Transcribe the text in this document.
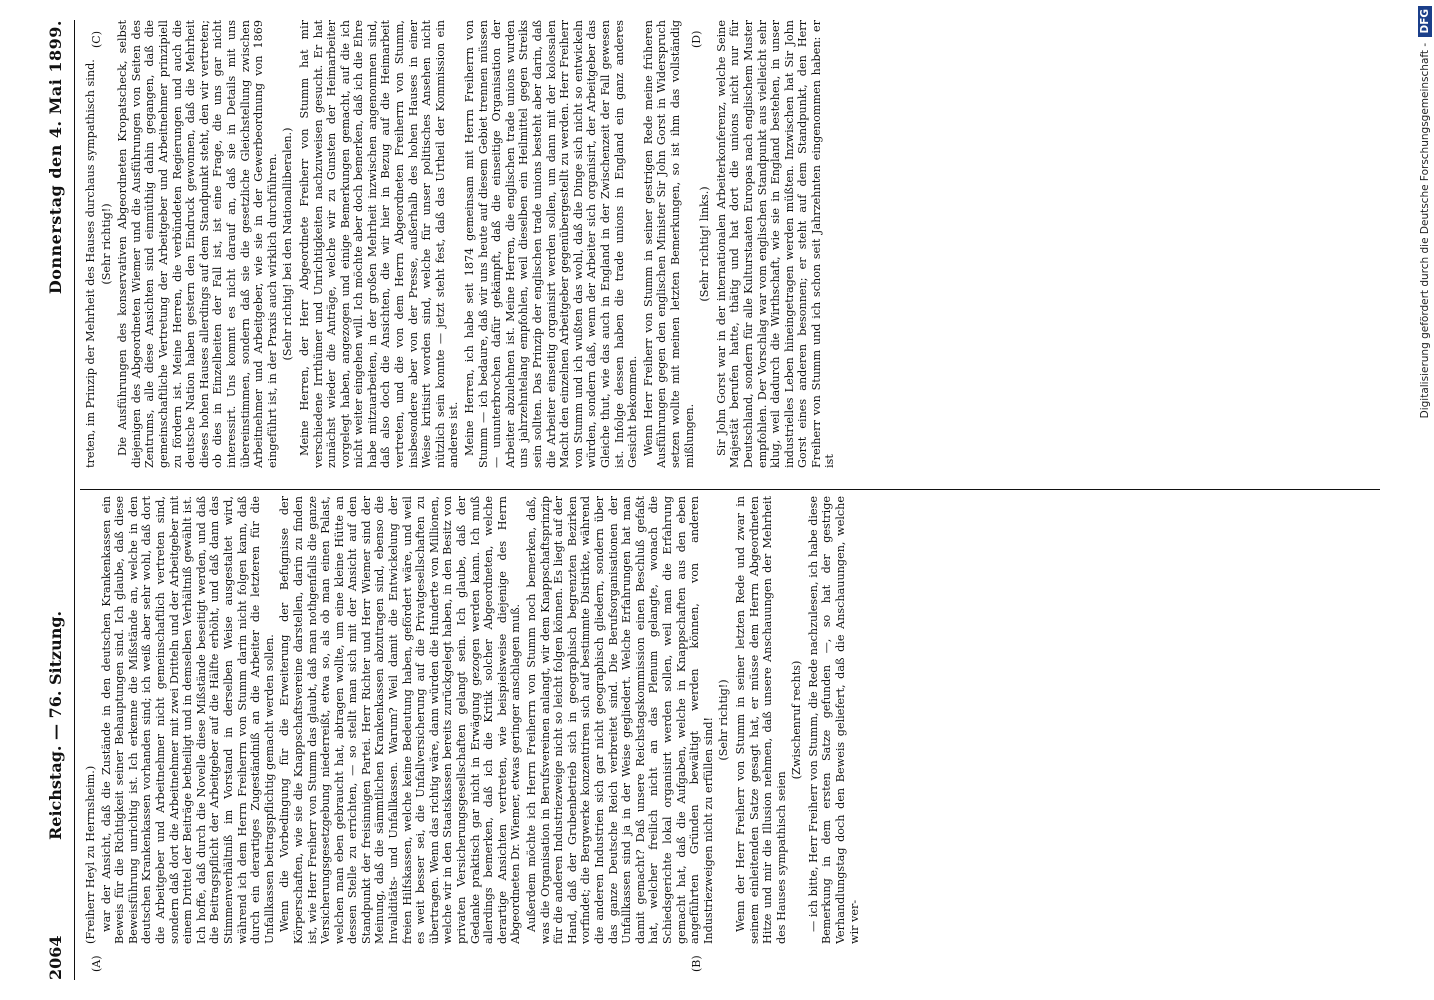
2064
Reichstag. — 76. Sitzung.
Donnerstag den 4. Mai 1899.
(A)	(B)
(C)	(D)

(Freiherr Heyl zu Herrnsheim.) war der Ansicht, daß die Zustände in den deutschen Krankenkassen ein Beweis für die Richtigkeit seiner Behauptungen sind. Ich glaube, daß diese Beweisführung unrichtig ist. Ich erkenne die Mißstände an, welche in den deutschen Krankenkassen vorhanden sind; ich weiß aber sehr wohl, daß dort die Arbeitgeber und Arbeitnehmer nicht gemeinschaftlich vertreten sind, sondern daß dort die Arbeitnehmer mit zwei Dritteln und der Arbeitgeber mit einem Drittel der Beiträge betheiligt und in demselben Verhältniß gewählt ist. Ich hoffe, daß durch die Novelle diese Mißstände beseitigt werden, und daß die Beitragspflicht der Arbeitgeber auf die Hälfte erhöht, und daß dann das Stimmenverhältniß im Vorstand in derselben Weise ausgestaltet wird, während ich dem Herrn Freiherrn von Stumm darin nicht folgen kann, daß durch ein derartiges Zugeständniß an die Arbeiter die letzteren für die Unfallkassen beitragspflichtig gemacht werden sollen. Wenn die Vorbedingung für die Erweiterung der Befugnisse der Körperschaften, wie sie die Knappschaftsvereine darstellen, darin zu finden ist, wie Herr Freiherr von Stumm das glaubt, daß man nothgenfalls die ganze Versicherungsgesetzgebung niederreißt, etwa so, als ob man einen Palast, welchen man eben gebraucht hat, abtragen wollte, um eine kleine Hütte an dessen Stelle zu errichten, — so stellt man sich mit der Ansicht auf den Standpunkt der freisinnigen Partei. Herr Richter und Herr Wiemer sind der Meinung, daß die sämmtlichen Krankenkassen abzutragen sind, ebenso die Invaliditäts- und Unfallkassen. Warum? Weil damit die Entwickelung der freien Hilfskassen, welche keine Bedeutung haben, gefördert wäre, und weil es weit besser sei, die Unfallversicherung auf die Privatgesellschaften zu übertragen. Wenn das richtig wäre, dann würden die Hunderte von Millionen, welche wir in den Staatskassen bereits zurückgelegt haben, in den Besitz von privaten Versicherungsgesellschaften gelangt sein. Ich glaube, daß der Gedanke praktisch gar nicht in Erwägung gezogen werden kann. Ich muß allerdings bemerken, daß ich die Kritik solcher Abgeordneten, welche derartige Ansichten vertreten, wie beispielsweise diejenige des Herrn Abgeordneten Dr. Wiemer, etwas geringer anschlagen muß. Außerdem möchte ich Herrn Freiherrn von Stumm noch bemerken, daß, was die Organisation in Berufsvereinen anlangt, wir dem Knappschaftsprinzip für die anderen Industriezweige nicht so leicht folgen können. Es liegt auf der Hand, daß der Grubenbetrieb sich in geographisch begrenzten Bezirken vorfindet; die Bergwerke konzentriren sich auf bestimmte Distrikte, während die anderen Industrien sich gar nicht geographisch gliedern, sondern über das ganze Deutsche Reich verbreitet sind. Die Berufsorganisationen der Unfallkassen sind ja in der Weise gegliedert. Welche Erfahrungen hat man damit gemacht? Daß unsere Reichstagskommission einen Beschluß gefaßt hat, welcher freilich nicht an das Plenum gelangte, wonach die Schiedsgerichte lokal organisirt werden sollen, weil man die Erfahrung gemacht hat, daß die Aufgaben, welche in Knappschaften aus den eben angeführten Gründen bewältigt werden können, von anderen Industriezweigen nicht zu erfüllen sind! (Sehr richtig!) Wenn der Herr Freiherr von Stumm in seiner letzten Rede und zwar in seinem einleitenden Satze gesagt hat, er müsse dem Herrn Abgeordneten Hitze und mir die Illusion nehmen, daß unsere Anschauungen der Mehrheit des Hauses sympathisch seien

(Zwischenruf rechts) — ich bitte, Herr Freiherr von Stumm, die Rede nachzulesen, ich habe diese Bemerkung in dem ersten Satze gefunden —, so hat der gestrige Verhandlungstag doch den Beweis geliefert, daß die Anschauungen, welche wir ver-

treten, im Prinzip der Mehrheit des Hauses durchaus sympathisch sind. (Sehr richtig!) Die Ausführungen des konservativen Abgeordneten Kropatscheck, selbst diejenigen des Abgeordneten Wiemer und die Ausführungen von Seiten des Zentrums, alle diese Ansichten sind einmüthig dahin gegangen, daß die gemeinschaftliche Vertretung der Arbeitgeber und Arbeitnehmer prinzipiell zu fördern ist. Meine Herren, die verbündeten Regierungen und auch die deutsche Nation haben gestern den Eindruck gewonnen, daß die Mehrheit dieses hohen Hauses allerdings auf dem Standpunkt steht, den wir vertreten; ob dies in Einzelheiten der Fall ist, ist eine Frage, die uns gar nicht interessirt. Uns kommt es nicht darauf an, daß sie in Details mit uns übereinstimmen, sondern daß sie die gesetzliche Gleichstellung zwischen Arbeitnehmer und Arbeitgeber, wie sie in der Gewerbeordnung von 1869 eingeführt ist, in der Praxis auch wirklich durchführen. (Sehr richtig! bei den Nationalliberalen.) Meine Herren, der Herr Abgeordnete Freiherr von Stumm hat mir verschiedene Irrthümer und Unrichtigkeiten nachzuweisen gesucht. Er hat zunächst wieder die Anträge, welche wir zu Gunsten der Heimarbeiter vorgelegt haben, angezogen und einige Bemerkungen gemacht, auf die ich nicht weiter eingehen will. Ich möchte aber doch bemerken, daß ich die Ehre habe mitzuarbeiten, in der großen Mehrheit inzwischen angenommen sind, daß also doch die Ansichten, die wir hier in Bezug auf die Heimarbeit vertreten, und die von dem Herrn Abgeordneten Freiherrn von Stumm, insbesondere aber von der Presse, außerhalb des hohen Hauses in einer Weise kritisirt worden sind, welche für unser politisches Ansehen nicht nützlich sein konnte — jetzt steht fest, daß das Urtheil der Kommission ein anderes ist. Meine Herren, ich habe seit 1874 gemeinsam mit Herrn Freiherrn von Stumm — ich bedaure, daß wir uns heute auf diesem Gebiet trennen müssen — ununterbrochen dafür gekämpft, daß die einseitige Organisation der Arbeiter abzulehnen ist. Meine Herren, die englischen trade unions wurden uns jahrzehntelang empfohlen, weil dieselben ein Heilmittel gegen Streiks sein sollten. Das Prinzip der englischen trade unions besteht aber darin, daß die Arbeiter einseitig organisirt werden sollen, um dann mit der kolossalen Macht den einzelnen Arbeitgeber gegenübergestellt zu werden. Herr Freiherr von Stumm und ich wußten das wohl, daß die Dinge sich nicht so entwickeln würden, sondern daß, wenn der Arbeiter sich organisirt, der Arbeitgeber das Gleiche thut, wie das auch in England in der Zwischenzeit der Fall gewesen ist. Infolge dessen haben die trade unions in England ein ganz anderes Gesicht bekommen. Wenn Herr Freiherr von Stumm in seiner gestrigen Rede meine früheren Ausführungen gegen den englischen Minister Sir John Gorst in Widerspruch setzen wollte mit meinen letzten Bemerkungen, so ist ihm das vollständig mißlungen.

(Sehr richtig! links.) Sir John Gorst war in der internationalen Arbeiterkonferenz, welche Seine Majestät berufen hatte, thätig und hat dort die unions nicht nur für Deutschland, sondern für alle Kulturstaaten Europas nach englischem Muster empfohlen. Der Vorschlag war vom englischen Standpunkt aus vielleicht sehr klug, weil dadurch die Wirthschaft, wie sie in England bestehen, in unser industrielles Leben hineingetragen werden müßten. Inzwischen hat Sir John Gorst eines anderen besonnen; er steht auf dem Standpunkt, den Herr Freiherr von Stumm und ich schon seit Jahrzehnten eingenommen haben: er ist

Digitalisierung gefördert durch die Deutsche Forschungsgemeinschaft - DFG
